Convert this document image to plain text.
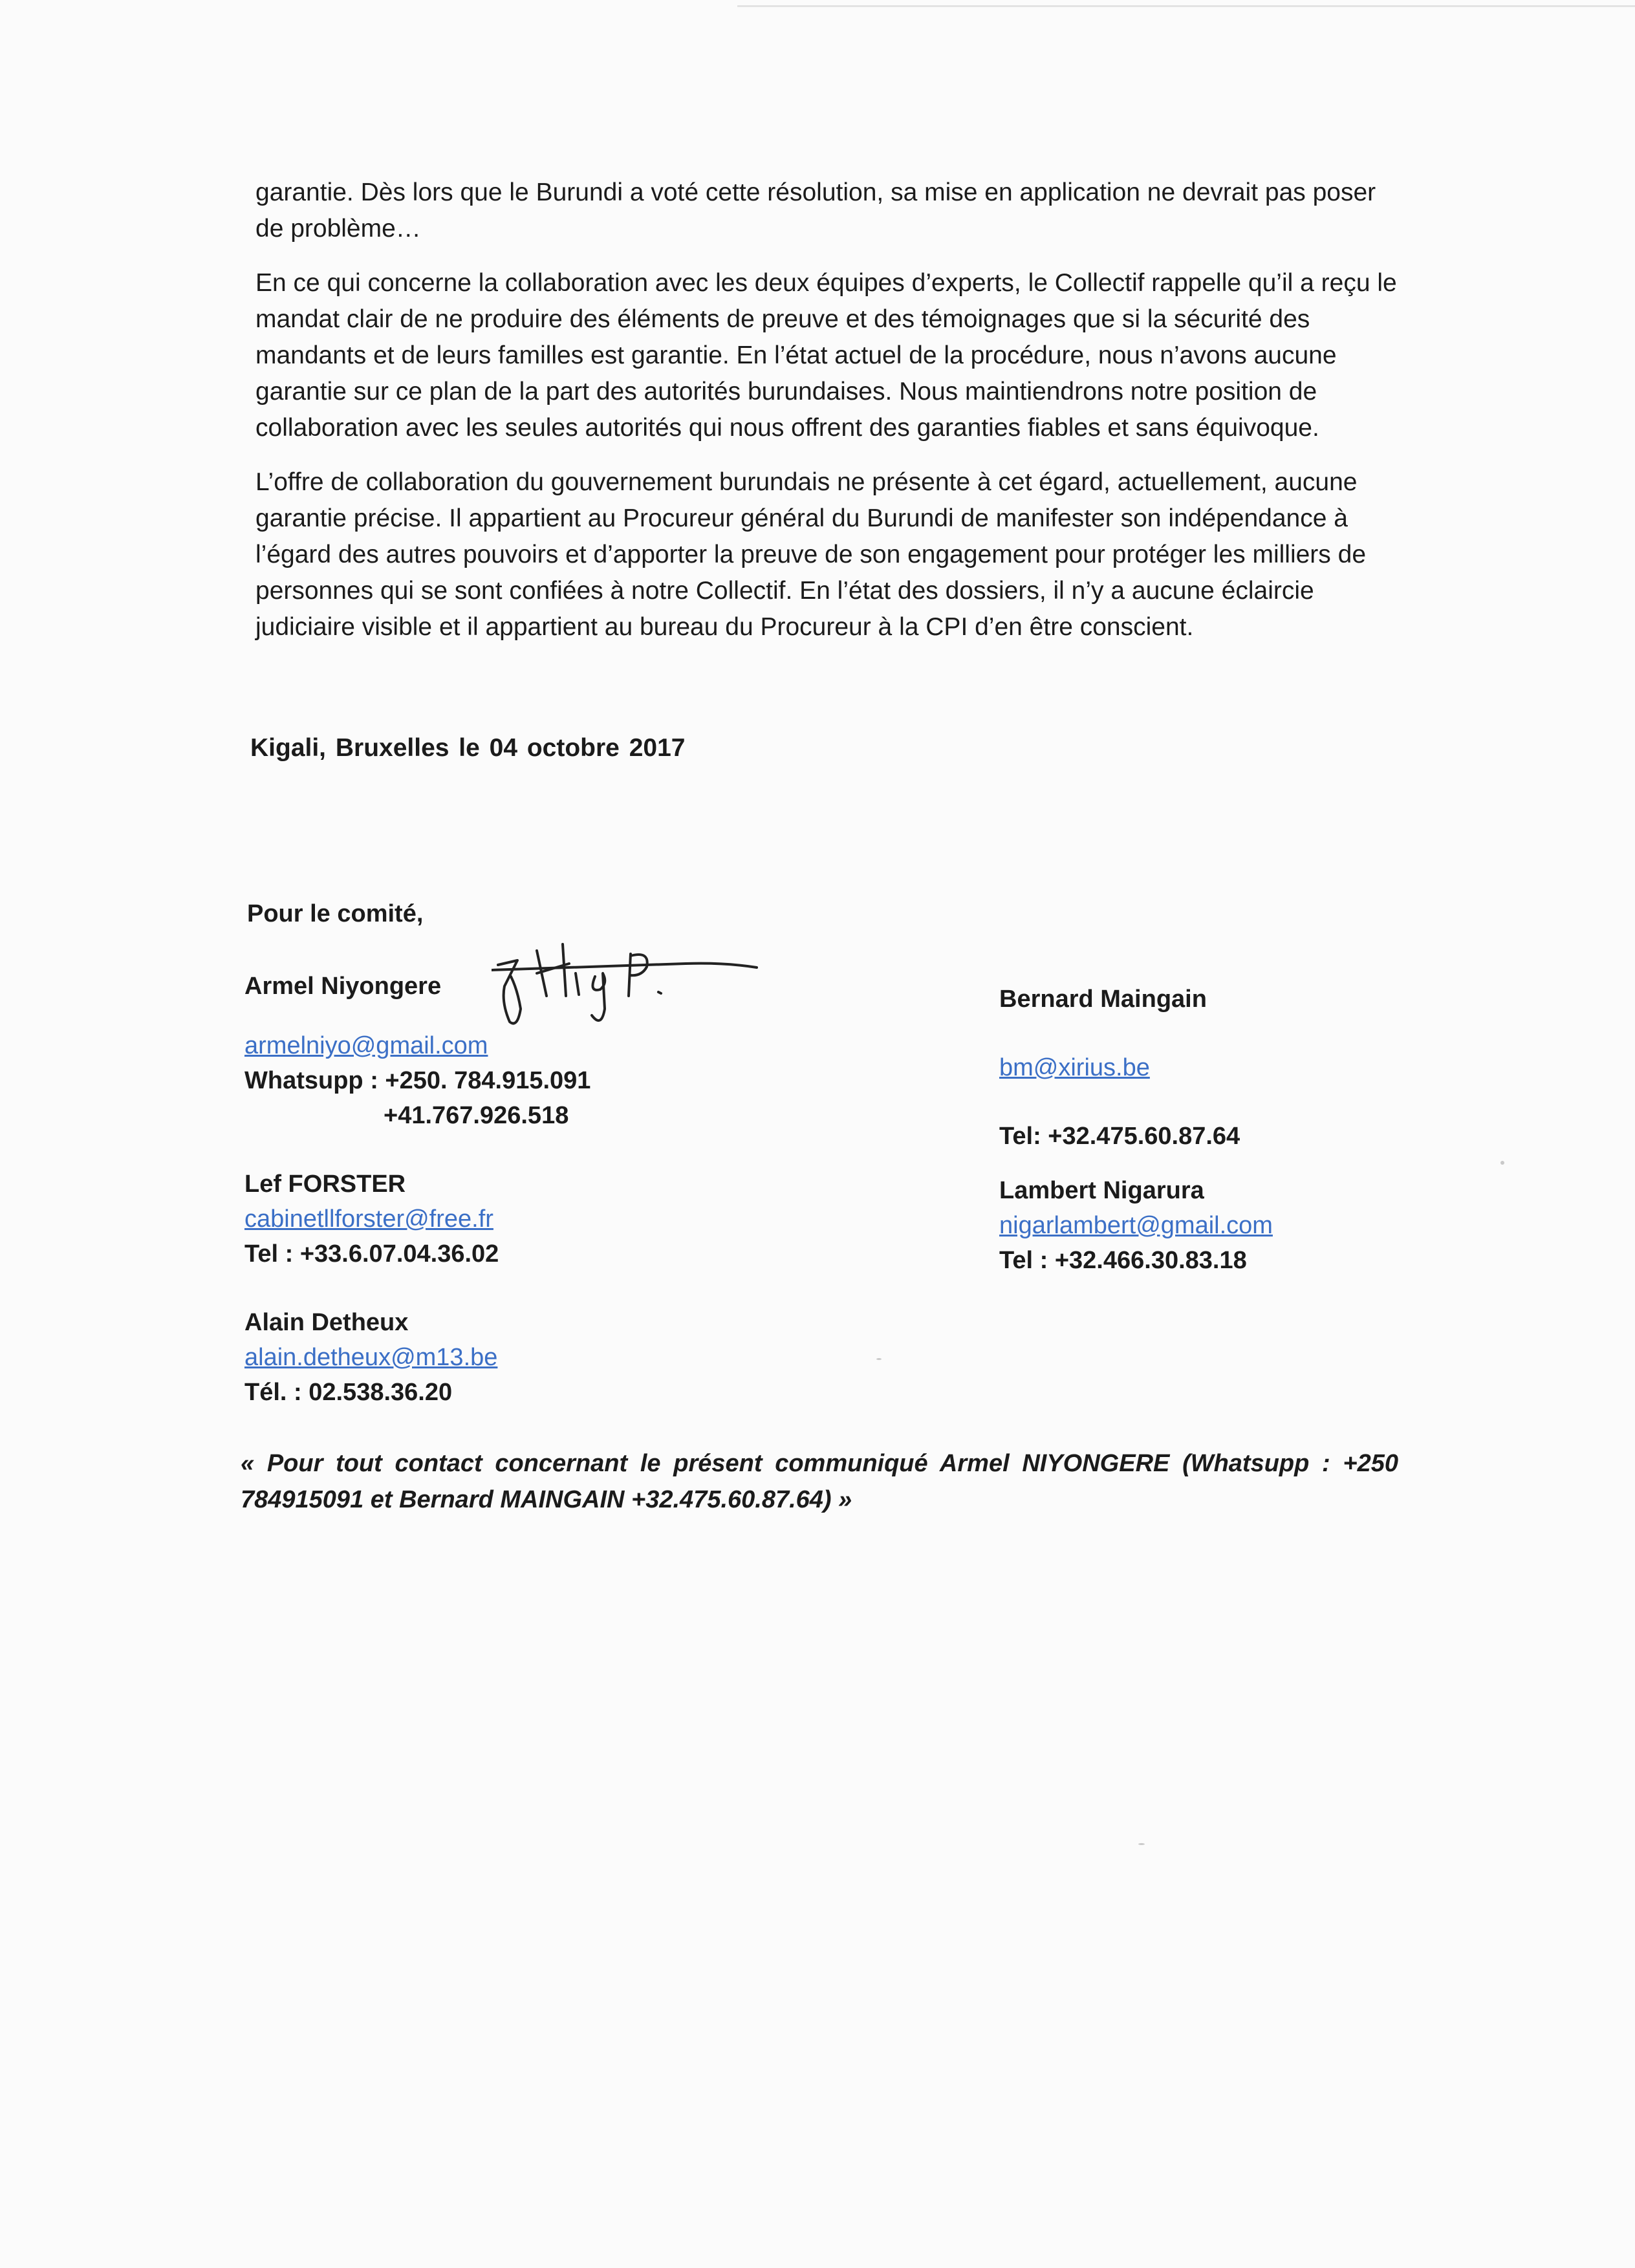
garantie. Dès lors que le Burundi a voté cette résolution, sa mise en application ne devrait pas poser de problème…

En ce qui concerne la collaboration avec les deux équipes d’experts, le Collectif rappelle qu’il a reçu le mandat clair de ne produire des éléments de preuve et des témoignages que si la sécurité des mandants et de leurs familles est garantie. En l’état actuel de la procédure, nous n’avons aucune garantie sur ce plan de la part des autorités burundaises. Nous maintiendrons notre position de collaboration avec les seules autorités qui nous offrent des garanties fiables et sans équivoque.

L’offre de collaboration du gouvernement burundais ne présente à cet égard, actuellement, aucune garantie précise. Il appartient au Procureur général du Burundi de manifester son indépendance à l’égard des autres pouvoirs et d’apporter la preuve de son engagement pour protéger les milliers de personnes qui se sont confiées à notre Collectif. En l’état des dossiers, il n’y a aucune éclaircie judiciaire visible et il appartient au bureau du Procureur à la CPI d’en être conscient.

Kigali, Bruxelles le 04 octobre 2017
Pour le comité,
Armel Niyongere
armelniyo@gmail.com
Whatsupp : +250. 784.915.091
+41.767.926.518
Lef FORSTER
cabinetllforster@free.fr
Tel : +33.6.07.04.36.02
Alain Detheux
alain.detheux@m13.be
Tél. : 02.538.36.20
Bernard Maingain
bm@xirius.be
Tel: +32.475.60.87.64
Lambert Nigarura
nigarlambert@gmail.com
Tel : +32.466.30.83.18
« Pour tout contact concernant le présent communiqué Armel NIYONGERE (Whatsupp : +250 784915091 et Bernard MAINGAIN +32.475.60.87.64) »
